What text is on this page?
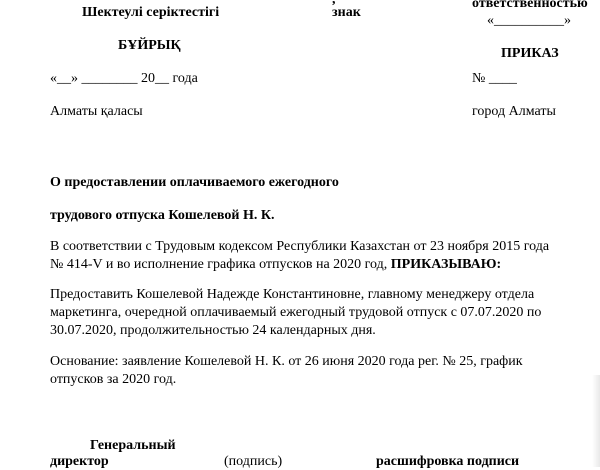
Шектеулі серіктестігі
БҰЙРЫҚ
«__» ________ 20__ года
Алматы қаласы
знак
ответственностью
«__________»
ПРИКАЗ
№ ____
город Алматы
О предоставлении оплачиваемого ежегодного
трудового отпуска Кошелевой Н. К.
В соответствии с Трудовым кодексом Республики Казахстан от 23 ноября 2015 года № 414-V и во исполнение графика отпусков на 2020 год, ПРИКАЗЫВАЮ:
Предоставить Кошелевой Надежде Константиновне, главному менеджеру отдела маркетинга, очередной оплачиваемый ежегодный трудовой отпуск с 07.07.2020 по 30.07.2020, продолжительностью 24 календарных дня.
Основание: заявление Кошелевой Н. К. от 26 июня 2020 года рег. № 25, график отпусков за 2020 год.
Генеральный
директор	(подпись)	расшифровка подписи
